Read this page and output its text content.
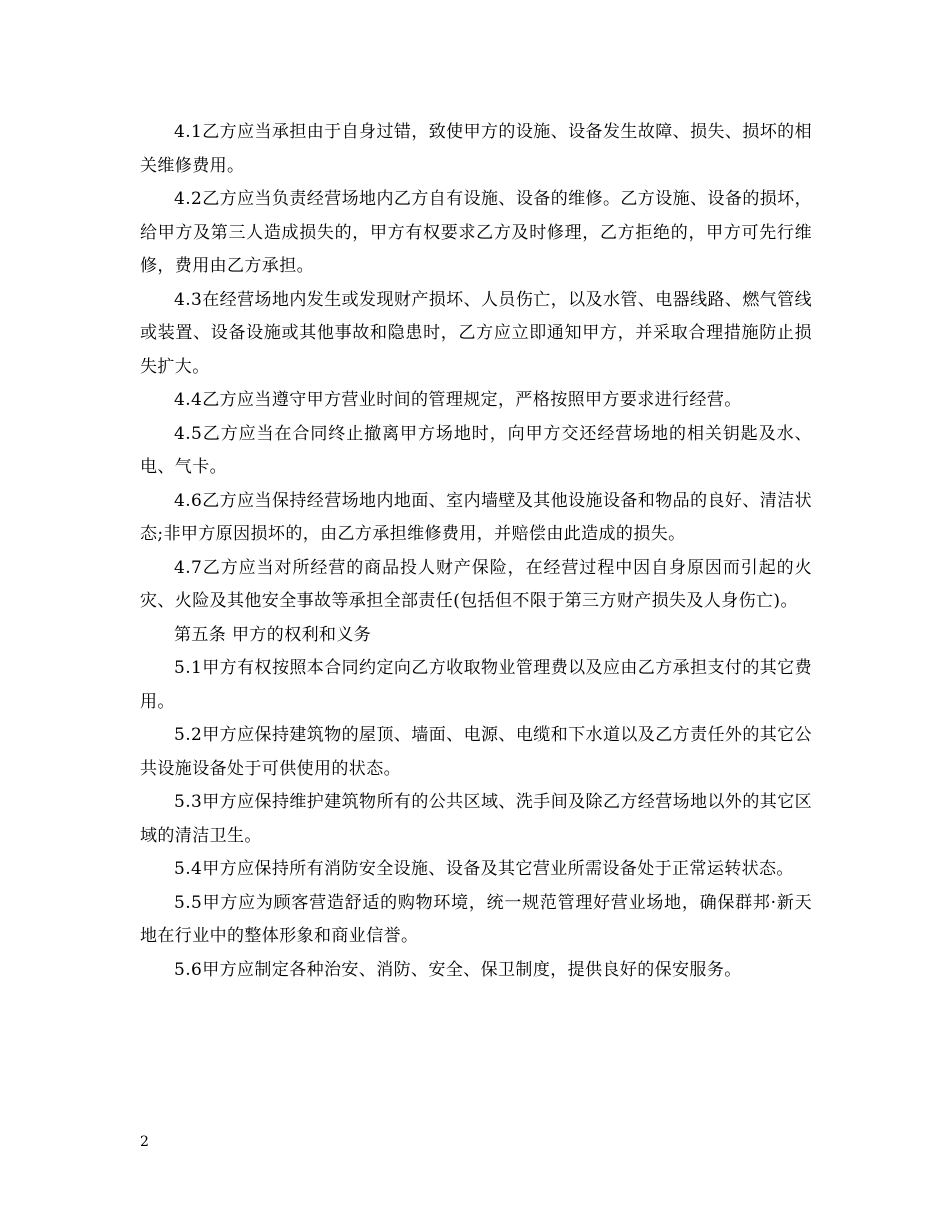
4.1乙方应当承担由于自身过错，致使甲方的设施、设备发生故障、损失、损坏的相关维修费用。

4.2乙方应当负责经营场地内乙方自有设施、设备的维修。乙方设施、设备的损坏，给甲方及第三人造成损失的，甲方有权要求乙方及时修理，乙方拒绝的，甲方可先行维修，费用由乙方承担。

4.3在经营场地内发生或发现财产损坏、人员伤亡，以及水管、电器线路、燃气管线或装置、设备设施或其他事故和隐患时，乙方应立即通知甲方，并采取合理措施防止损失扩大。

4.4乙方应当遵守甲方营业时间的管理规定，严格按照甲方要求进行经营。

4.5乙方应当在合同终止撤离甲方场地时，向甲方交还经营场地的相关钥匙及水、电、气卡。

4.6乙方应当保持经营场地内地面、室内墙壁及其他设施设备和物品的良好、清洁状态;非甲方原因损坏的，由乙方承担维修费用，并赔偿由此造成的损失。

4.7乙方应当对所经营的商品投人财产保险，在经营过程中因自身原因而引起的火灾、火险及其他安全事故等承担全部责任(包括但不限于第三方财产损失及人身伤亡)。

第五条 甲方的权利和义务

5.1甲方有权按照本合同约定向乙方收取物业管理费以及应由乙方承担支付的其它费用。

5.2甲方应保持建筑物的屋顶、墙面、电源、电缆和下水道以及乙方责任外的其它公共设施设备处于可供使用的状态。

5.3甲方应保持维护建筑物所有的公共区域、洗手间及除乙方经营场地以外的其它区域的清洁卫生。

5.4甲方应保持所有消防安全设施、设备及其它营业所需设备处于正常运转状态。

5.5甲方应为顾客营造舒适的购物环境，统一规范管理好营业场地，确保群邦·新天地在行业中的整体形象和商业信誉。

5.6甲方应制定各种治安、消防、安全、保卫制度，提供良好的保安服务。

2
